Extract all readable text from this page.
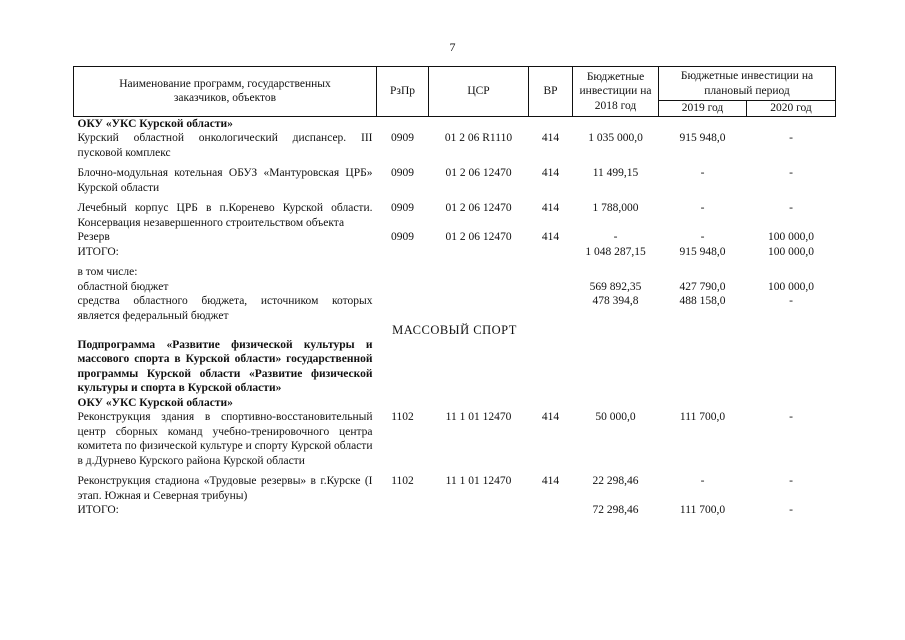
7
Наименование программ, государственных заказчиков, объектов	РзПр	ЦСР	ВР	Бюджетные инвестиции на 2018 год	Бюджетные инвестиции на плановый период	
					2019 год	2020 год
ОКУ «УКС Курской области»						
Курский областной онкологический диспансер. III пусковой комплекс	0909	01 2 06 R1110	414	1 035 000,0	915 948,0	-
Блочно-модульная котельная ОБУЗ «Мантуровская ЦРБ» Курской области	0909	01 2 06 12470	414	11 499,15	-	-
Лечебный корпус ЦРБ в п.Коренево Курской области. Консервация незавершенного строительством объекта	0909	01 2 06 12470	414	1 788,000	-	-
Резерв	0909	01 2 06 12470	414	-	-	100 000,0
ИТОГО:				1 048 287,15	915 948,0	100 000,0
в том числе:						
областной бюджет				569 892,35	427 790,0	100 000,0
средства областного бюджета, источником которых является федеральный бюджет				478 394,8	488 158,0	-
МАССОВЫЙ СПОРТ						
Подпрограмма «Развитие физической культуры и массового спорта в Курской области» государственной программы Курской области «Развитие физической культуры и спорта в Курской области»						
ОКУ «УКС Курской области»						
Реконструкция здания в спортивно-восстановительный центр сборных команд учебно-тренировочного центра комитета по физической культуре и спорту Курской области в д.Дурнево Курского района Курской области	1102	11 1 01 12470	414	50 000,0	111 700,0	-
Реконструкция стадиона «Трудовые резервы» в г.Курске (I этап. Южная и Северная трибуны)	1102	11 1 01 12470	414	22 298,46	-	-
ИТОГО:				72 298,46	111 700,0	-
